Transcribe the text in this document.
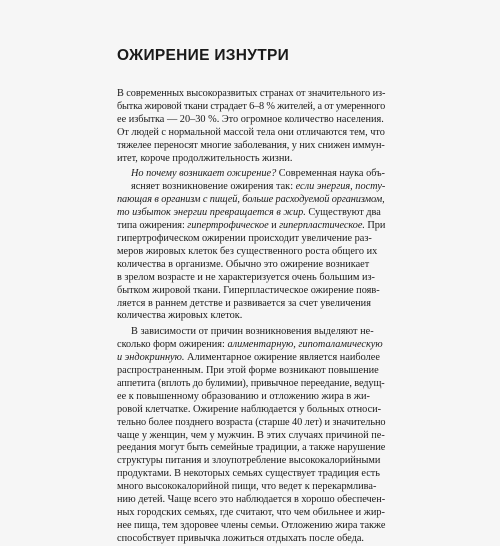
ОЖИРЕНИЕ ИЗНУТРИ
В современных высокоразвитых странах от значительного из-
бытка жировой ткани страдает 6–8 % жителей, а от умеренного
ее избытка — 20–30 %. Это огромное количество населения.
От людей с нормальной массой тела они отличаются тем, что
тяжелее переносят многие заболевания, у них снижен иммун-
итет, короче продолжительность жизни.
Но почему возникает ожирение? Современная наука объ-
ясняет возникновение ожирения так: если энергия, посту-
пающая в организм с пищей, больше расходуемой организмом,
то избыток энергии превращается в жир. Существуют два
типа ожирения: гипертрофическое и гиперпластическое. При
гипертрофическом ожирении происходит увеличение раз-
меров жировых клеток без существенного роста общего их
количества в организме. Обычно это ожирение возникает
в зрелом возрасте и не характеризуется очень большим из-
бытком жировой ткани. Гиперпластическое ожирение появ-
ляется в раннем детстве и развивается за счет увеличения
количества жировых клеток.
В зависимости от причин возникновения выделяют не-
сколько форм ожирения: алиментарную, гипоталамическую
и эндокринную. Алиментарное ожирение является наиболее
распространенным. При этой форме возникают повышение
аппетита (вплоть до булимии), привычное переедание, ведущ-
ее к повышенному образованию и отложению жира в жи-
ровой клетчатке. Ожирение наблюдается у больных относи-
тельно более позднего возраста (старше 40 лет) и значительно
чаще у женщин, чем у мужчин. В этих случаях причиной пе-
реедания могут быть семейные традиции, а также нарушение
структуры питания и злоупотребление высококалорийными
продуктами. В некоторых семьях существует традиция есть
много высококалорийной пищи, что ведет к перекармлива-
нию детей. Чаще всего это наблюдается в хорошо обеспечен-
ных городских семьях, где считают, что чем обильнее и жир-
нее пища, тем здоровее члены семьи. Отложению жира также
способствует привычка ложиться отдыхать после обеда.
